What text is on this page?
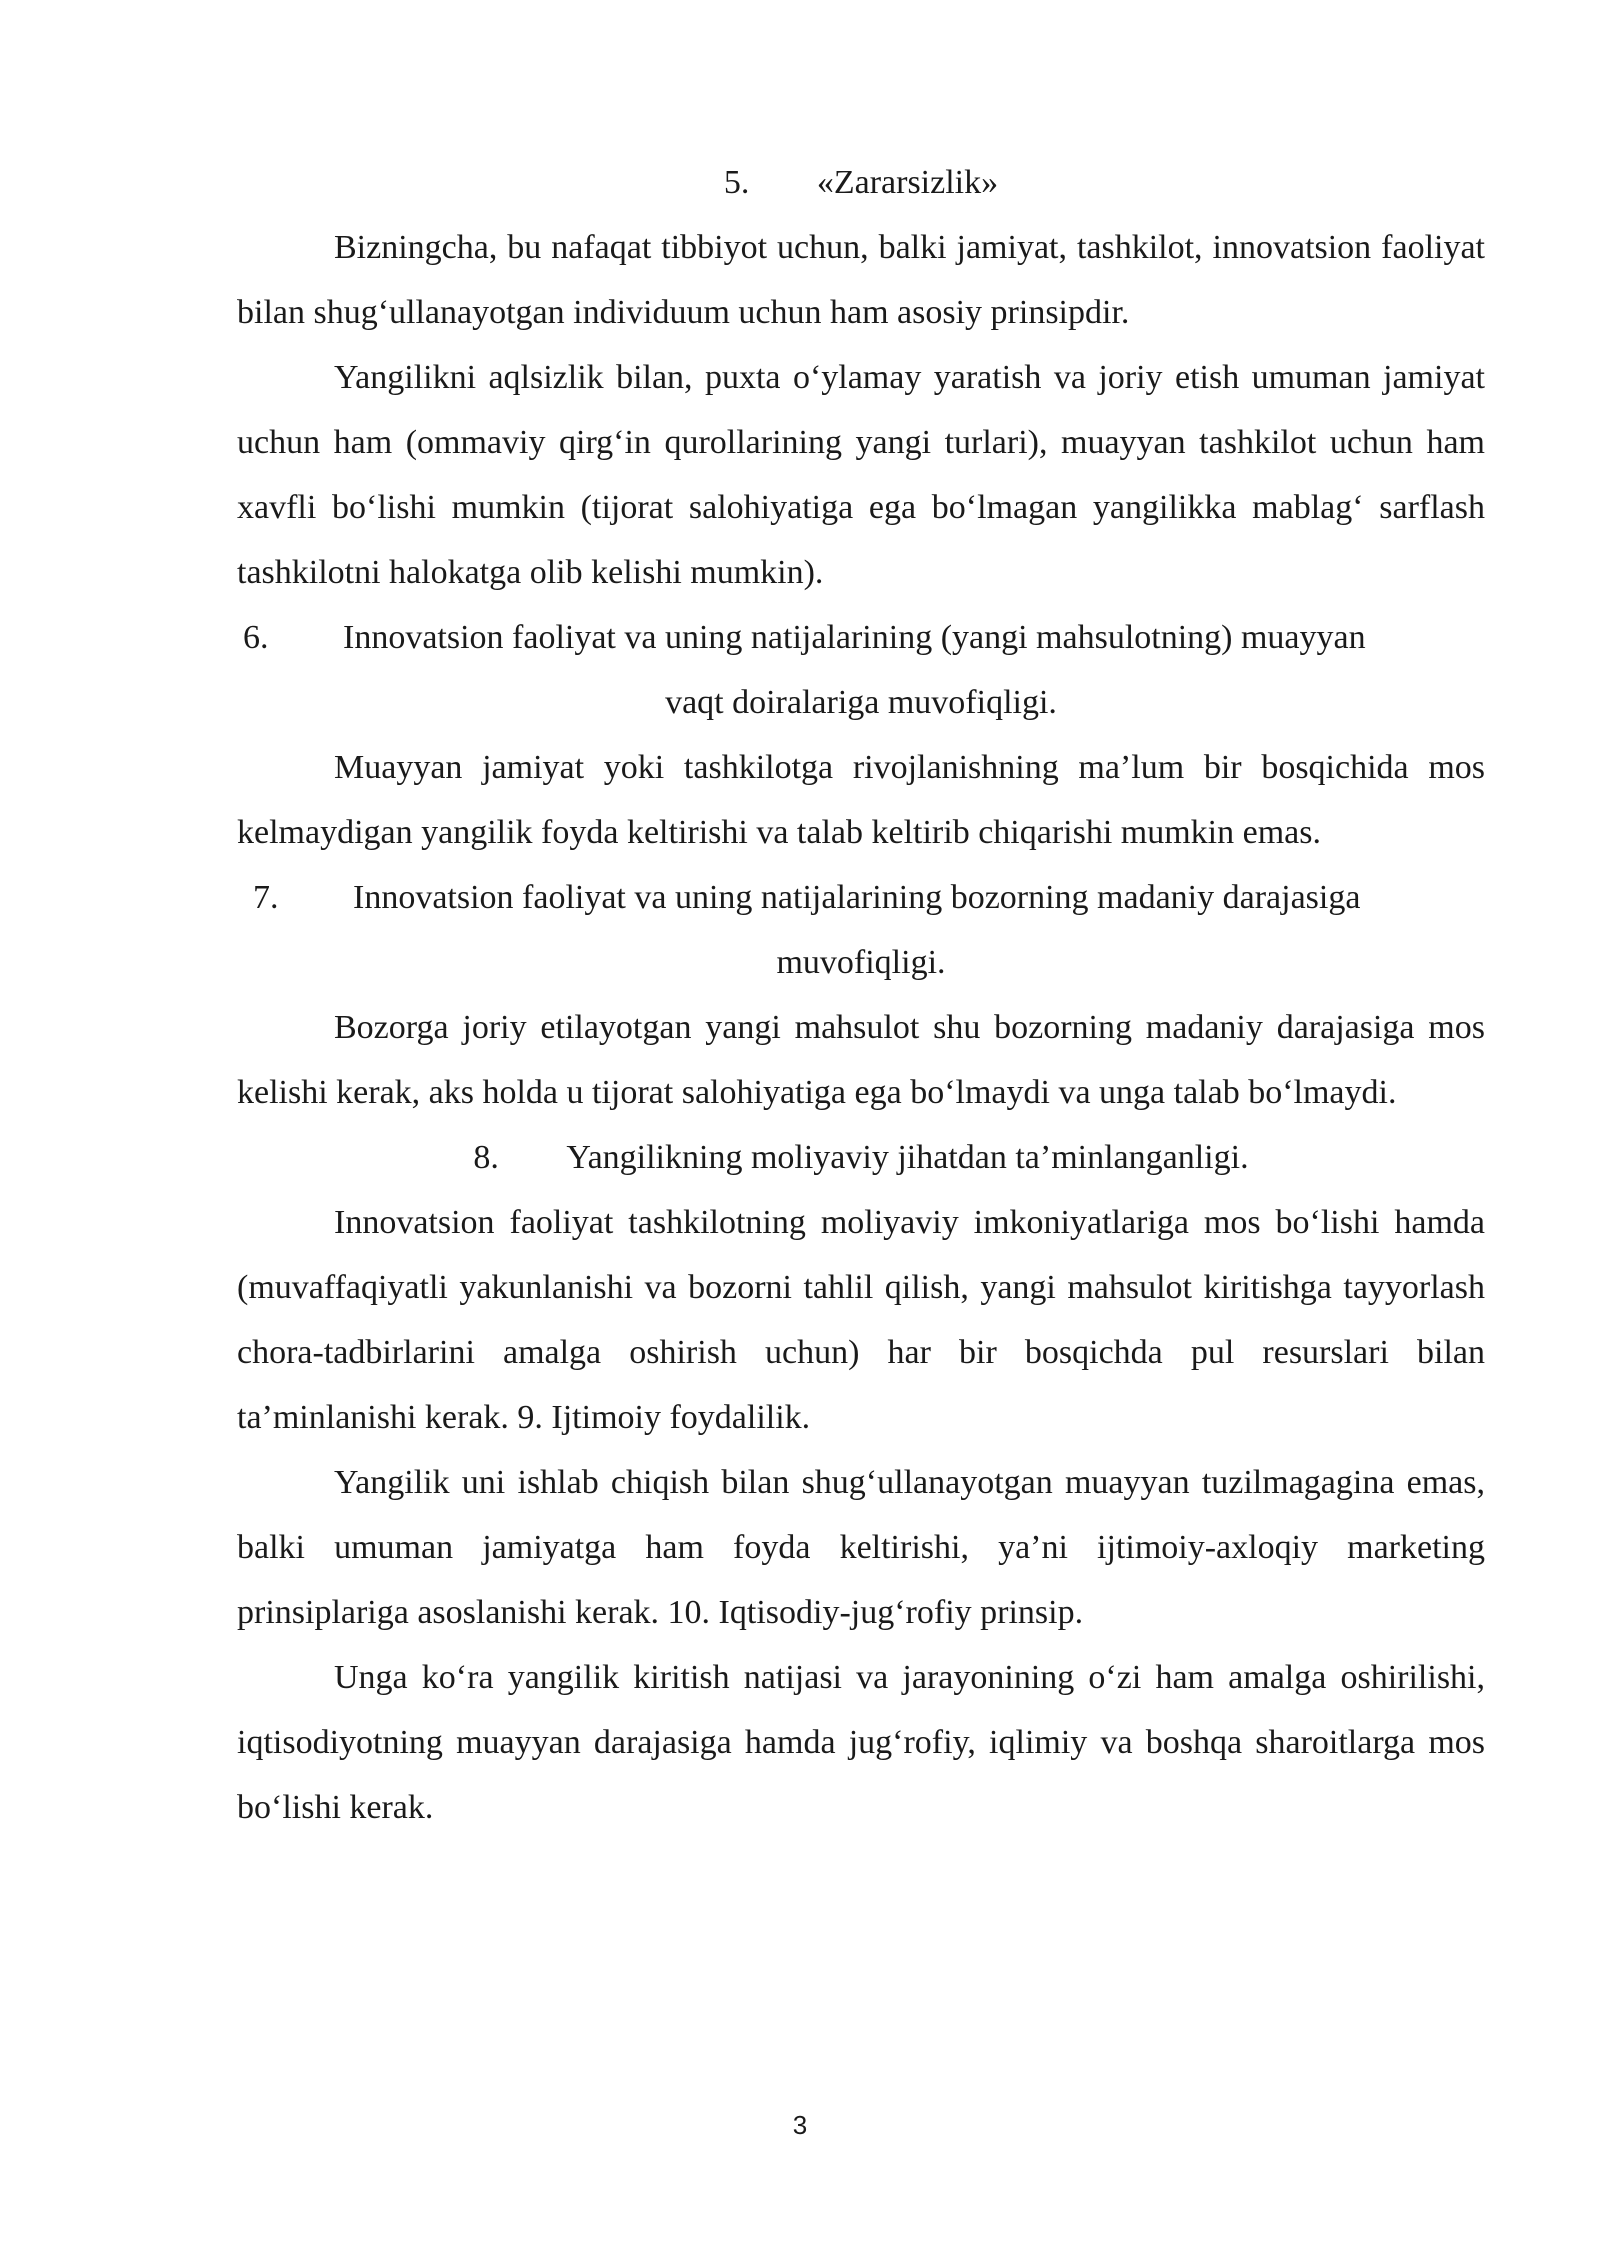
5. «Zararsizlik»

Bizningcha, bu nafaqat tibbiyot uchun, balki jamiyat, tashkilot, innovatsion faoliyat bilan shug‘ullanayotgan individuum uchun ham asosiy prinsipdir.

Yangilikni aqlsizlik bilan, puxta o‘ylamay yaratish va joriy etish umuman jamiyat uchun ham (ommaviy qirg‘in qurollarining yangi turlari), muayyan tashkilot uchun ham xavfli bo‘lishi mumkin (tijorat salohiyatiga ega bo‘lmagan yangilikka mablag‘ sarflash tashkilotni halokatga olib kelishi mumkin).

6. Innovatsion faoliyat va uning natijalarining (yangi mahsulotning) muayyan
vaqt doiralariga muvofiqligi.

Muayyan jamiyat yoki tashkilotga rivojlanishning ma’lum bir bosqichida mos kelmaydigan yangilik foyda keltirishi va talab keltirib chiqarishi mumkin emas.

7. Innovatsion faoliyat va uning natijalarining bozorning madaniy darajasiga
muvofiqligi.

Bozorga joriy etilayotgan yangi mahsulot shu bozorning madaniy darajasiga mos kelishi kerak, aks holda u tijorat salohiyatiga ega bo‘lmaydi va unga talab bo‘lmaydi.

8. Yangilikning moliyaviy jihatdan ta’minlanganligi.

Innovatsion faoliyat tashkilotning moliyaviy imkoniyatlariga mos bo‘lishi hamda (muvaffaqiyatli yakunlanishi va bozorni tahlil qilish, yangi mahsulot kiritishga tayyorlash chora-tadbirlarini amalga oshirish uchun) har bir bosqichda pul resurslari bilan ta’minlanishi kerak. 9. Ijtimoiy foydalilik.

Yangilik uni ishlab chiqish bilan shug‘ullanayotgan muayyan tuzilmagagina emas, balki umuman jamiyatga ham foyda keltirishi, ya’ni ijtimoiy-axloqiy marketing prinsiplariga asoslanishi kerak. 10. Iqtisodiy-jug‘rofiy prinsip.

Unga ko‘ra yangilik kiritish natijasi va jarayonining o‘zi ham amalga oshirilishi, iqtisodiyotning muayyan darajasiga hamda jug‘rofiy, iqlimiy va boshqa sharoitlarga mos bo‘lishi kerak.

3
